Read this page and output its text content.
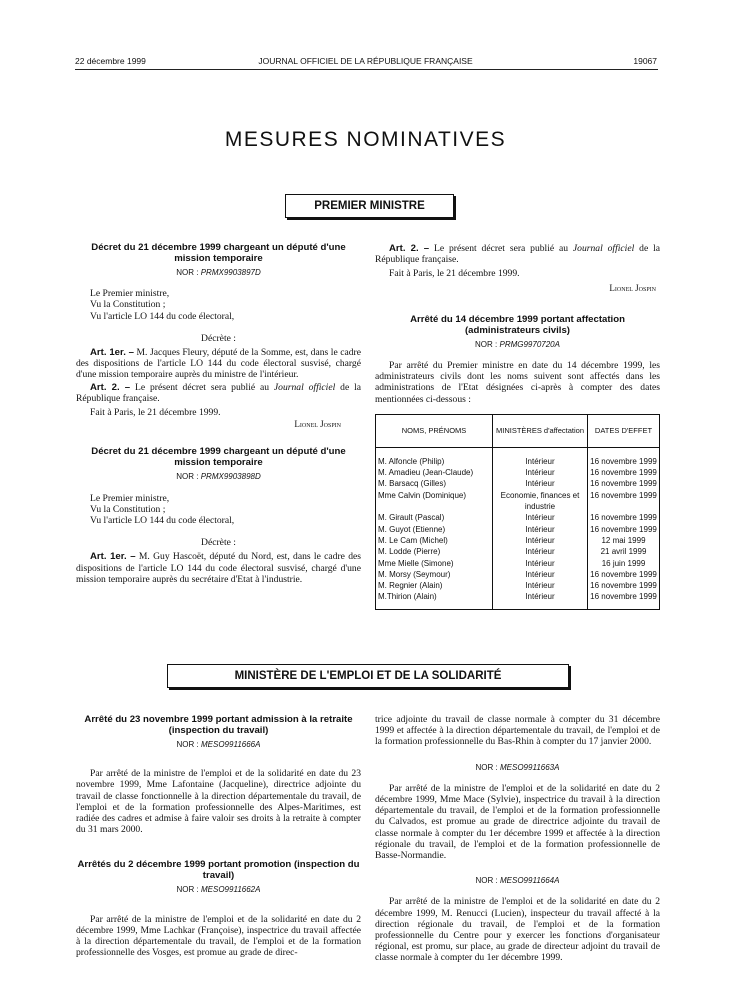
22 décembre 1999	JOURNAL OFFICIEL DE LA RÉPUBLIQUE FRANÇAISE	19067
MESURES NOMINATIVES
PREMIER MINISTRE
Décret du 21 décembre 1999 chargeant un député d'une mission temporaire
NOR : PRMX9903897D

Le Premier ministre,

Vu la Constitution ;

Vu l'article LO 144 du code électoral,

Décrète :

Art. 1er. – M. Jacques Fleury, député de la Somme, est, dans le cadre des dispositions de l'article LO 144 du code électoral susvisé, chargé d'une mission temporaire auprès du ministre de l'intérieur.

Art. 2. – Le présent décret sera publié au Journal officiel de la République française.

Fait à Paris, le 21 décembre 1999.

Lionel Jospin

Décret du 21 décembre 1999 chargeant un député d'une mission temporaire
NOR : PRMX9903898D

Le Premier ministre,

Vu la Constitution ;

Vu l'article LO 144 du code électoral,

Décrète :

Art. 1er. – M. Guy Hascoët, député du Nord, est, dans le cadre des dispositions de l'article LO 144 du code électoral susvisé, chargé d'une mission temporaire auprès du secrétaire d'Etat à l'industrie.

Art. 2. – Le présent décret sera publié au Journal officiel de la République française.

Fait à Paris, le 21 décembre 1999.

Lionel Jospin

Arrêté du 14 décembre 1999 portant affectation (administrateurs civils)
NOR : PRMG9970720A

Par arrêté du Premier ministre en date du 14 décembre 1999, les administrateurs civils dont les noms suivent sont affectés dans les administrations de l'Etat désignées ci-après à compter des dates mentionnées ci-dessous :

NOMS, PRÉNOMS	MINISTÈRES d'affectation	DATES D'EFFET
M. Alfoncle (Philip)	Intérieur	16 novembre 1999
M. Amadieu (Jean-Claude)	Intérieur	16 novembre 1999
M. Barsacq (Gilles)	Intérieur	16 novembre 1999
Mme Calvin (Dominique)	Economie, finances et industrie	16 novembre 1999
M. Girault (Pascal)	Intérieur	16 novembre 1999
M. Guyot (Etienne)	Intérieur	16 novembre 1999
M. Le Cam (Michel)	Intérieur	12 mai 1999
M. Lodde (Pierre)	Intérieur	21 avril 1999
Mme Mielle (Simone)	Intérieur	16 juin 1999
M. Morsy (Seymour)	Intérieur	16 novembre 1999
M. Regnier (Alain)	Intérieur	16 novembre 1999
M.Thirion (Alain)	Intérieur	16 novembre 1999

MINISTÈRE DE L'EMPLOI ET DE LA SOLIDARITÉ
Arrêté du 23 novembre 1999 portant admission à la retraite (inspection du travail)
NOR : MESO9911666A

Par arrêté de la ministre de l'emploi et de la solidarité en date du 23 novembre 1999, Mme Lafontaine (Jacqueline), directrice adjointe du travail de classe fonctionnelle à la direction départementale du travail, de l'emploi et de la formation professionnelle des Alpes-Maritimes, est radiée des cadres et admise à faire valoir ses droits à la retraite à compter du 31 mars 2000.

Arrêtés du 2 décembre 1999 portant promotion (inspection du travail)
NOR : MESO9911662A

Par arrêté de la ministre de l'emploi et de la solidarité en date du 2 décembre 1999, Mme Lachkar (Françoise), inspectrice du travail affectée à la direction départementale du travail, de l'emploi et de la formation professionnelle des Vosges, est promue au grade de direc-

trice adjointe du travail de classe normale à compter du 31 décembre 1999 et affectée à la direction départementale du travail, de l'emploi et de la formation professionnelle du Bas-Rhin à compter du 17 janvier 2000.

NOR : MESO9911663A

Par arrêté de la ministre de l'emploi et de la solidarité en date du 2 décembre 1999, Mme Mace (Sylvie), inspectrice du travail à la direction départementale du travail, de l'emploi et de la formation professionnelle du Calvados, est promue au grade de directrice adjointe du travail de classe normale à compter du 1er décembre 1999 et affectée à la direction régionale du travail, de l'emploi et de la formation professionnelle de Basse-Normandie.

NOR : MESO9911664A

Par arrêté de la ministre de l'emploi et de la solidarité en date du 2 décembre 1999, M. Renucci (Lucien), inspecteur du travail affecté à la direction régionale du travail, de l'emploi et de la formation professionnelle du Centre pour y exercer les fonctions d'organisateur régional, est promu, sur place, au grade de directeur adjoint du travail de classe normale à compter du 1er décembre 1999.
